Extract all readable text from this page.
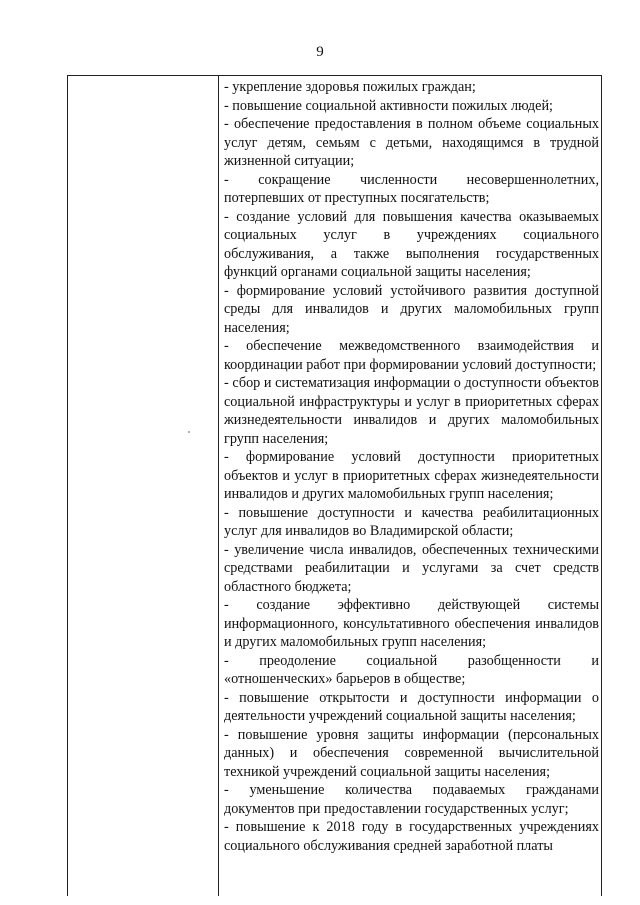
9
- укрепление здоровья пожилых граждан;
- повышение социальной активности пожилых людей;
- обеспечение предоставления в полном объеме социальных услуг детям, семьям с детьми, находящимся в трудной жизненной ситуации;
- сокращение численности несовершеннолетних, потерпевших от преступных посягательств;
- создание условий для повышения качества оказываемых социальных услуг в учреждениях социального обслуживания, а также выполнения государственных функций органами социальной защиты населения;
- формирование условий устойчивого развития доступной среды для инвалидов и других маломобильных групп населения;
- обеспечение межведомственного взаимодействия и координации работ при формировании условий доступности;
- сбор и систематизация информации о доступности объектов социальной инфраструктуры и услуг в приоритетных сферах жизнедеятельности инвалидов и других маломобильных групп населения;
- формирование условий доступности приоритетных объектов и услуг в приоритетных сферах жизнедеятельности инвалидов и других маломобильных групп населения;
- повышение доступности и качества реабилитационных услуг для инвалидов во Владимирской области;
- увеличение числа инвалидов, обеспеченных техническими средствами реабилитации и услугами за счет средств областного бюджета;
- создание эффективно действующей системы информационного, консультативного обеспечения инвалидов и других маломобильных групп населения;
- преодоление социальной разобщенности и «отношенческих» барьеров в обществе;
- повышение открытости и доступности информации о деятельности учреждений социальной защиты населения;
- повышение уровня защиты информации (персональных данных) и обеспечения современной вычислительной техникой учреждений социальной защиты населения;
- уменьшение количества подаваемых гражданами документов при предоставлении государственных услуг;
- повышение к 2018 году в государственных учреждениях социального обслуживания средней заработной платы
